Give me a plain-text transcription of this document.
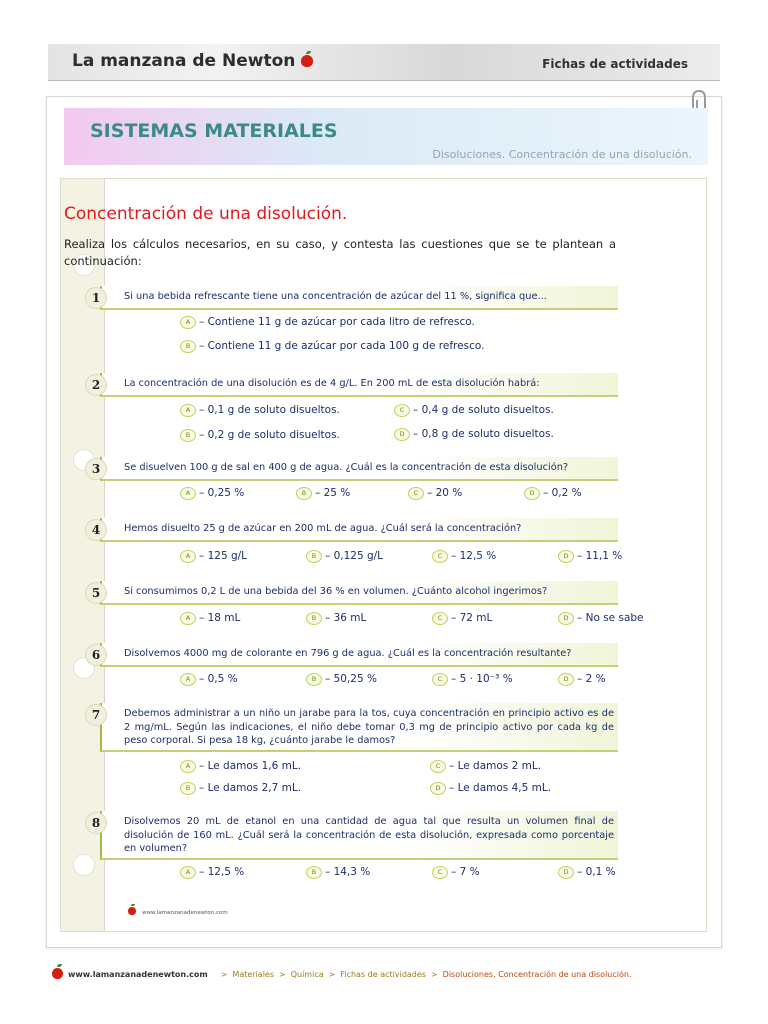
La manzana de Newton	Fichas de actividades
SISTEMAS MATERIALES
Disoluciones. Concentración de una disolución.
Concentración de una disolución.
Realiza los cálculos necesarios, en su caso, y contesta las cuestiones que se te plantean a continuación:
Si una bebida refrescante tiene una concentración de azúcar del 11 %, significa que...
1
A – Contiene 11 g de azúcar por cada litro de refresco.
B – Contiene 11 g de azúcar por cada 100 g de refresco.
La concentración de una disolución es de 4 g/L. En 200 mL de esta disolución habrá:
2
A – 0,1 g de soluto disueltos.	C – 0,4 g de soluto disueltos.
B – 0,2 g de soluto disueltos.	D – 0,8 g de soluto disueltos.
Se disuelven 100 g de sal en 400 g de agua. ¿Cuál es la concentración de esta disolución?
3
A – 0,25 %	B – 25 %	C – 20 %	D – 0,2 %
Hemos disuelto 25 g de azúcar en 200 mL de agua. ¿Cuál será la concentración?
4
A – 125 g/L	B – 0,125 g/L	C – 12,5 %	D – 11,1 %
Si consumimos 0,2 L de una bebida del 36 % en volumen. ¿Cuánto alcohol ingerimos?
5
A – 18 mL	B – 36 mL	C – 72 mL	D – No se sabe
Disolvemos 4000 mg de colorante en 796 g de agua. ¿Cuál es la concentración resultante?
6
A – 0,5 %	B – 50,25 %	C – 5 · 10⁻³ %	D – 2 %
Debemos administrar a un niño un jarabe para la tos, cuya concentración en principio activo es de 2 mg/mL. Según las indicaciones, el niño debe tomar 0,3 mg de principio activo por cada kg de peso corporal. Si pesa 18 kg, ¿cuánto jarabe le damos?
7
A – Le damos 1,6 mL.	C – Le damos 2 mL.
B – Le damos 2,7 mL.	D – Le damos 4,5 mL.
Disolvemos 20 mL de etanol en una cantidad de agua tal que resulta un volumen final de disolución de 160 mL. ¿Cuál será la concentración de esta disolución, expresada como porcentaje en volumen?
8
A – 12,5 %	B – 14,3 %	C – 7 %	D – 0,1 %
www.lamanzanadenewton.com
www.lamanzanadenewton.com > Materiales > Química > Fichas de actividades > Disoluciones. Concentración de una disolución.
